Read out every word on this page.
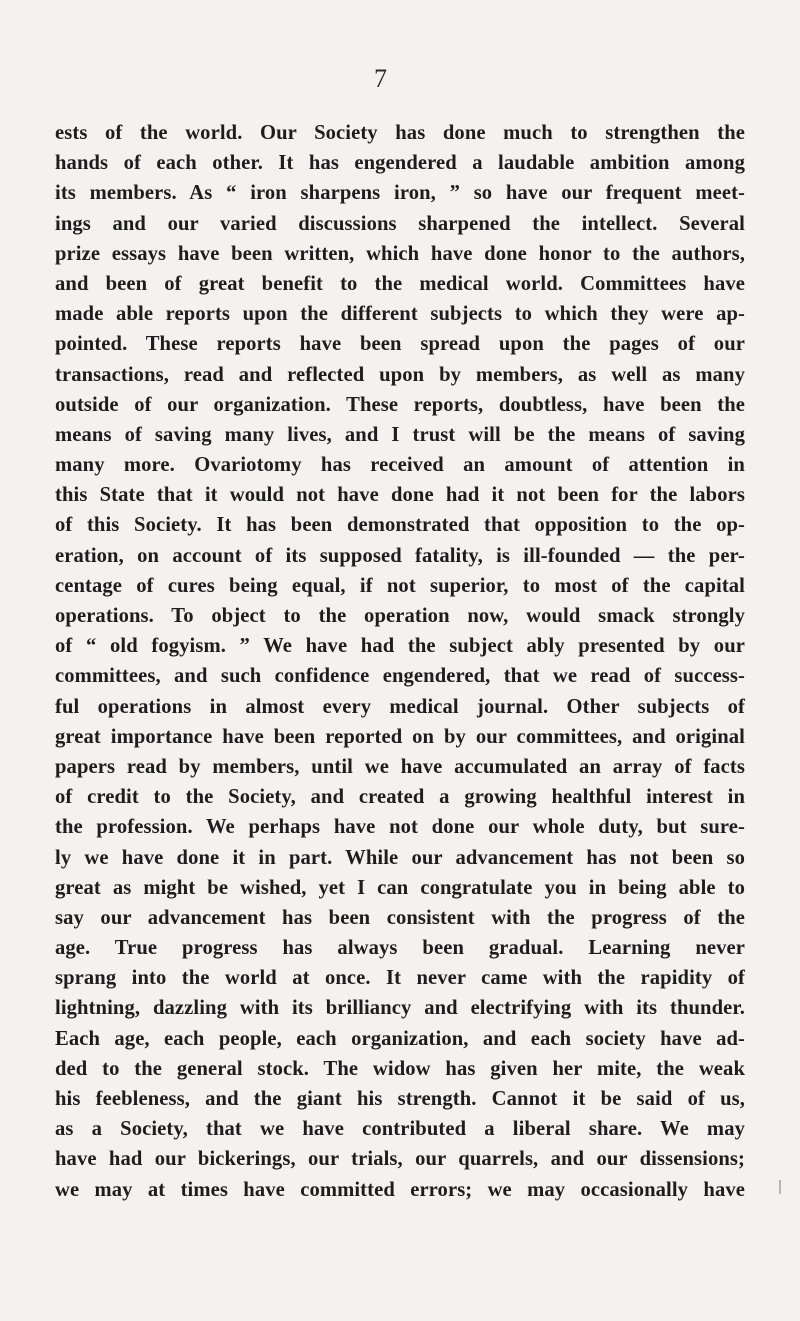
7
ests of the world. Our Society has done much to strengthen the
hands of each other. It has engendered a laudable ambition among
its members. As “ iron sharpens iron, ” so have our frequent meet-
ings and our varied discussions sharpened the intellect. Several
prize essays have been written, which have done honor to the authors,
and been of great benefit to the medical world. Committees have
made able reports upon the different subjects to which they were ap-
pointed. These reports have been spread upon the pages of our
transactions, read and reflected upon by members, as well as many
outside of our organization. These reports, doubtless, have been the
means of saving many lives, and I trust will be the means of saving
many more. Ovariotomy has received an amount of attention in
this State that it would not have done had it not been for the labors
of this Society. It has been demonstrated that opposition to the op-
eration, on account of its supposed fatality, is ill-founded — the per-
centage of cures being equal, if not superior, to most of the capital
operations. To object to the operation now, would smack strongly
of “ old fogyism. ” We have had the subject ably presented by our
committees, and such confidence engendered, that we read of success-
ful operations in almost every medical journal. Other subjects of
great importance have been reported on by our committees, and original
papers read by members, until we have accumulated an array of facts
of credit to the Society, and created a growing healthful interest in
the profession. We perhaps have not done our whole duty, but sure-
ly we have done it in part. While our advancement has not been so
great as might be wished, yet I can congratulate you in being able to
say our advancement has been consistent with the progress of the
age. True progress has always been gradual. Learning never
sprang into the world at once. It never came with the rapidity of
lightning, dazzling with its brilliancy and electrifying with its thunder.
Each age, each people, each organization, and each society have ad-
ded to the general stock. The widow has given her mite, the weak
his feebleness, and the giant his strength. Cannot it be said of us,
as a Society, that we have contributed a liberal share. We may
have had our bickerings, our trials, our quarrels, and our dissensions;
we may at times have committed errors; we may occasionally have
